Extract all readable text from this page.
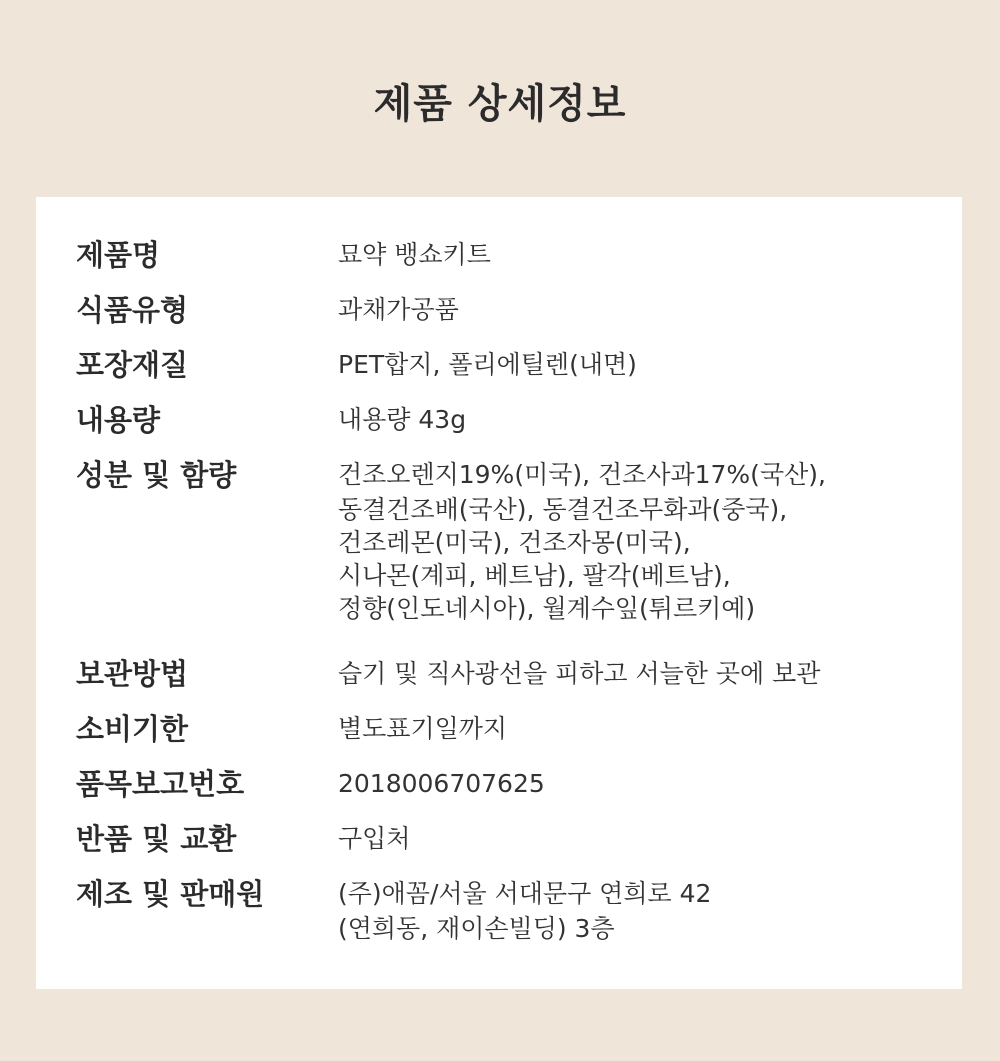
제품 상세정보
제품명	묘약 뱅쇼키트
식품유형	과채가공품
포장재질	PET합지, 폴리에틸렌(내면)
내용량	내용량 43g
성분 및 함량	건조오렌지19%(미국), 건조사과17%(국산),
동결건조배(국산), 동결건조무화과(중국),
건조레몬(미국), 건조자몽(미국),
시나몬(계피, 베트남), 팔각(베트남),
정향(인도네시아), 월계수잎(튀르키예)
보관방법	습기 및 직사광선을 피하고 서늘한 곳에 보관
소비기한	별도표기일까지
품목보고번호	2018006707625
반품 및 교환	구입처
제조 및 판매원	(주)애꼼/서울 서대문구 연희로 42
(연희동, 재이손빌딩) 3층
